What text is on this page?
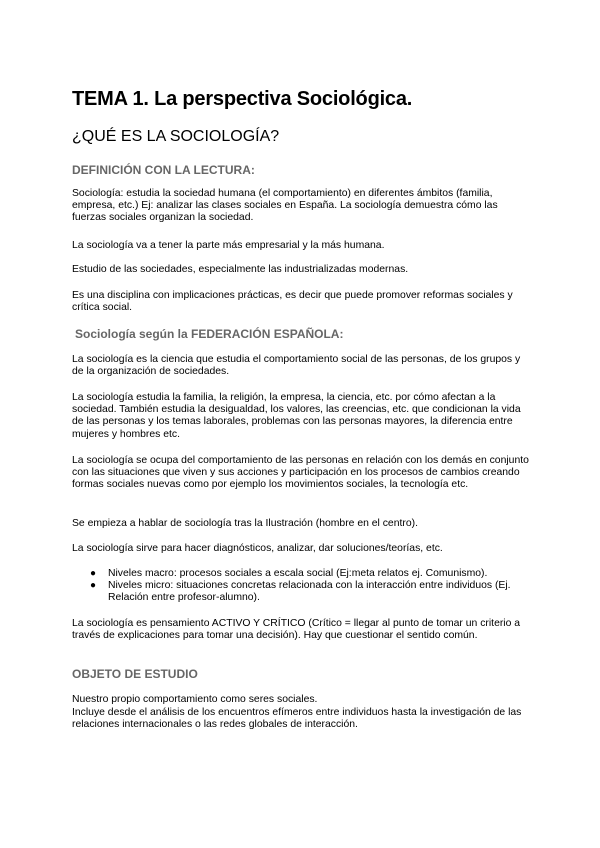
TEMA 1. La perspectiva Sociológica.
¿QUÉ ES LA SOCIOLOGÍA?
DEFINICIÓN CON LA LECTURA:

Sociología: estudia la sociedad humana (el comportamiento) en diferentes ámbitos (familia, empresa, etc.) Ej: analizar las clases sociales en España. La sociología demuestra cómo las fuerzas sociales organizan la sociedad.

La sociología va a tener la parte más empresarial y la más humana.

Estudio de las sociedades, especialmente las industrializadas modernas.

Es una disciplina con implicaciones prácticas, es decir que puede promover reformas sociales y crítica social.

Sociología según la FEDERACIÓN ESPAÑOLA:

La sociología es la ciencia que estudia el comportamiento social de las personas, de los grupos y de la organización de sociedades.

La sociología estudia la familia, la religión, la empresa, la ciencia, etc. por cómo afectan a la sociedad. También estudia la desigualdad, los valores, las creencias, etc. que condicionan la vida de las personas y los temas laborales, problemas con las personas mayores, la diferencia entre mujeres y hombres etc.

La sociología se ocupa del comportamiento de las personas en relación con los demás en conjunto con las situaciones que viven y sus acciones y participación en los procesos de cambios creando formas sociales nuevas como por ejemplo los movimientos sociales, la tecnología etc.

Se empieza a hablar de sociología tras la Ilustración (hombre en el centro).

La sociología sirve para hacer diagnósticos, analizar, dar soluciones/teorías, etc.

● Niveles macro: procesos sociales a escala social (Ej:meta relatos ej. Comunismo).
● Niveles micro: situaciones concretas relacionada con la interacción entre individuos (Ej. Relación entre profesor-alumno).

La sociología es pensamiento ACTIVO Y CRÍTICO (Crítico = llegar al punto de tomar un criterio a través de explicaciones para tomar una decisión). Hay que cuestionar el sentido común.

OBJETO DE ESTUDIO

Nuestro propio comportamiento como seres sociales.

Incluye desde el análisis de los encuentros efímeros entre individuos hasta la investigación de las relaciones internacionales o las redes globales de interacción.
